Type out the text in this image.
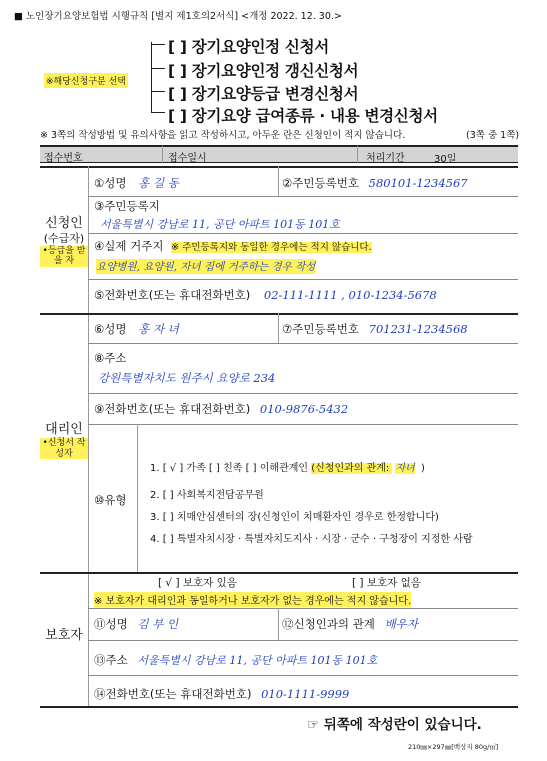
■ 노인장기요양보험법 시행규칙 [별지 제1호의2서식] <개정 2022. 12. 30.>
[ ] 장기요양인정 신청서
[ ] 장기요양인정 갱신신청서
[ ] 장기요양등급 변경신청서
[ ] 장기요양 급여종류 · 내용 변경신청서
※해당신청구분 선택
※ 3쪽의 작성방법 및 유의사항을 읽고 작성하시고, 아두운 란은 신청인이 적지 않습니다.	(3쪽 중 1쪽)
접수번호	접수일시	처리기간	30일
신청인
(수급자)
•등급을 받을 자
①성명 홍 길 동	②주민등록번호 580101-1234567
③주민등록지
서울특별시 강남로 11, 공단 아파트 101동 101호
④실제 거주지 ※ 주민등록지와 동일한 경우에는 적지 않습니다.
요양병원, 요양원, 자녀 집에 거주하는 경우 작성
⑤전화번호(또는 휴대전화번호) 02-111-1111 , 010-1234-5678
대리인
•신청서 작성자
⑥성명 홍 자 녀	⑦주민등록번호 701231-1234568
⑧주소
강원특별자치도 원주시 요양로 234
⑨전화번호(또는 휴대전화번호) 010-9876-5432
⑩유형
1. [ √ ] 가족 [ ] 친족 [ ] 이해관계인 (신청인과의 관계: 자녀 )
2. [ ] 사회복지전담공무원
3. [ ] 치매안심센터의 장(신청인이 치매환자인 경우로 한정합니다)
4. [ ] 특별자치시장 · 특별자치도지사 · 시장 · 군수 · 구청장이 지정한 사람
보호자
[ √ ] 보호자 있음	[ ] 보호자 없음
※ 보호자가 대리인과 동일하거나 보호자가 없는 경우에는 적지 않습니다.
⑪성명 김 부 인	⑫신청인과의 관계 배우자
⑬주소 서울특별시 강남로 11, 공단 아파트 101동 101호
⑭전화번호(또는 휴대전화번호) 010-1111-9999
☞ 뒤쪽에 작성란이 있습니다.
210㎜×297㎜[백상지 80g/㎡]
